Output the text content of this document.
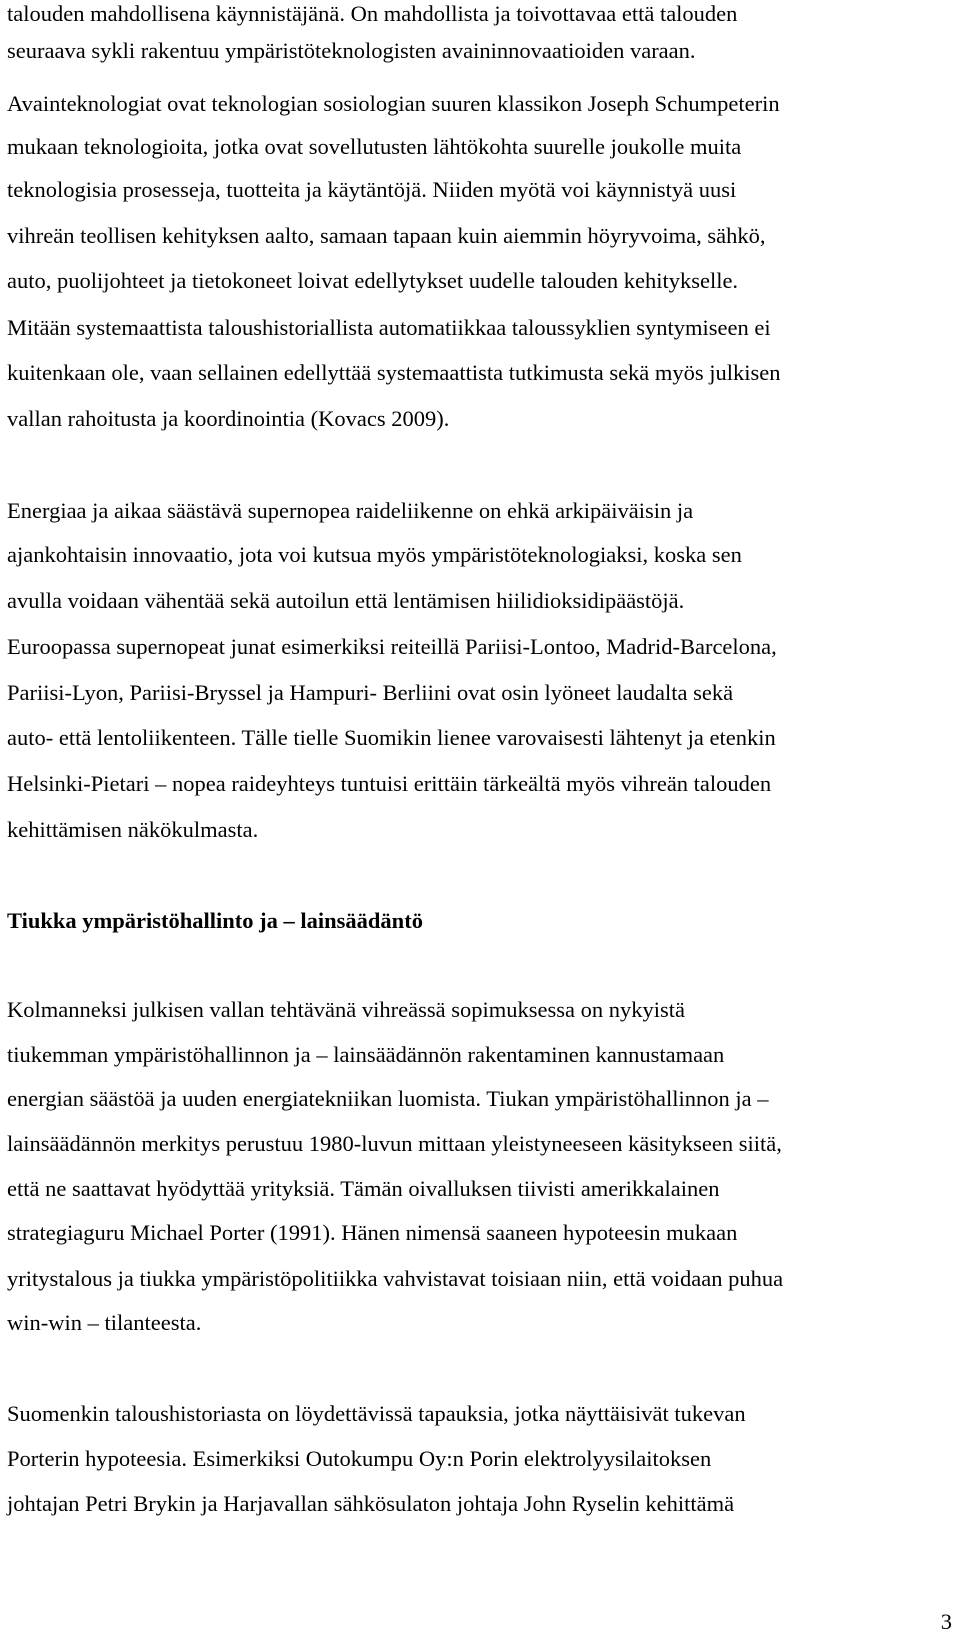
talouden mahdollisena käynnistäjänä. On mahdollista ja toivottavaa että talouden
seuraava sykli rakentuu ympäristöteknologisten avaininnovaatioiden varaan.
Avainteknologiat ovat teknologian sosiologian suuren klassikon Joseph Schumpeterin
mukaan teknologioita, jotka ovat sovellutusten lähtökohta suurelle joukolle muita
teknologisia prosesseja, tuotteita ja käytäntöjä. Niiden myötä voi käynnistyä uusi
vihreän teollisen kehityksen aalto, samaan tapaan kuin aiemmin höyryvoima, sähkö,
auto, puolijohteet ja tietokoneet loivat edellytykset uudelle talouden kehitykselle.
Mitään systemaattista taloushistoriallista automatiikkaa taloussyklien syntymiseen ei
kuitenkaan ole, vaan sellainen edellyttää systemaattista tutkimusta sekä myös julkisen
vallan rahoitusta ja koordinointia (Kovacs 2009).
Energiaa ja aikaa säästävä supernopea raideliikenne on ehkä arkipäiväisin ja
ajankohtaisin innovaatio, jota voi kutsua myös ympäristöteknologiaksi, koska sen
avulla voidaan vähentää sekä autoilun että lentämisen hiilidioksidipäästöjä.
Euroopassa supernopeat junat esimerkiksi reiteillä Pariisi-Lontoo, Madrid-Barcelona,
Pariisi-Lyon, Pariisi-Bryssel ja Hampuri- Berliini ovat osin lyöneet laudalta sekä
auto- että lentoliikenteen. Tälle tielle Suomikin lienee varovaisesti lähtenyt ja etenkin
Helsinki-Pietari – nopea raideyhteys tuntuisi erittäin tärkeältä myös vihreän talouden
kehittämisen näkökulmasta.
Tiukka ympäristöhallinto ja – lainsäädäntö
Kolmanneksi julkisen vallan tehtävänä vihreässä sopimuksessa on nykyistä
tiukemman ympäristöhallinnon ja – lainsäädännön rakentaminen kannustamaan
energian säästöä ja uuden energiatekniikan luomista. Tiukan ympäristöhallinnon ja –
lainsäädännön merkitys perustuu 1980-luvun mittaan yleistyneeseen käsitykseen siitä,
että ne saattavat hyödyttää yrityksiä. Tämän oivalluksen tiivisti amerikkalainen
strategiaguru Michael Porter (1991). Hänen nimensä saaneen hypoteesin mukaan
yritystalous ja tiukka ympäristöpolitiikka vahvistavat toisiaan niin, että voidaan puhua
win-win – tilanteesta.
Suomenkin taloushistoriasta on löydettävissä tapauksia, jotka näyttäisivät tukevan
Porterin hypoteesia. Esimerkiksi Outokumpu Oy:n Porin elektrolyysilaitoksen
johtajan Petri Brykin ja Harjavallan sähkösulaton johtaja John Ryselin kehittämä
3
